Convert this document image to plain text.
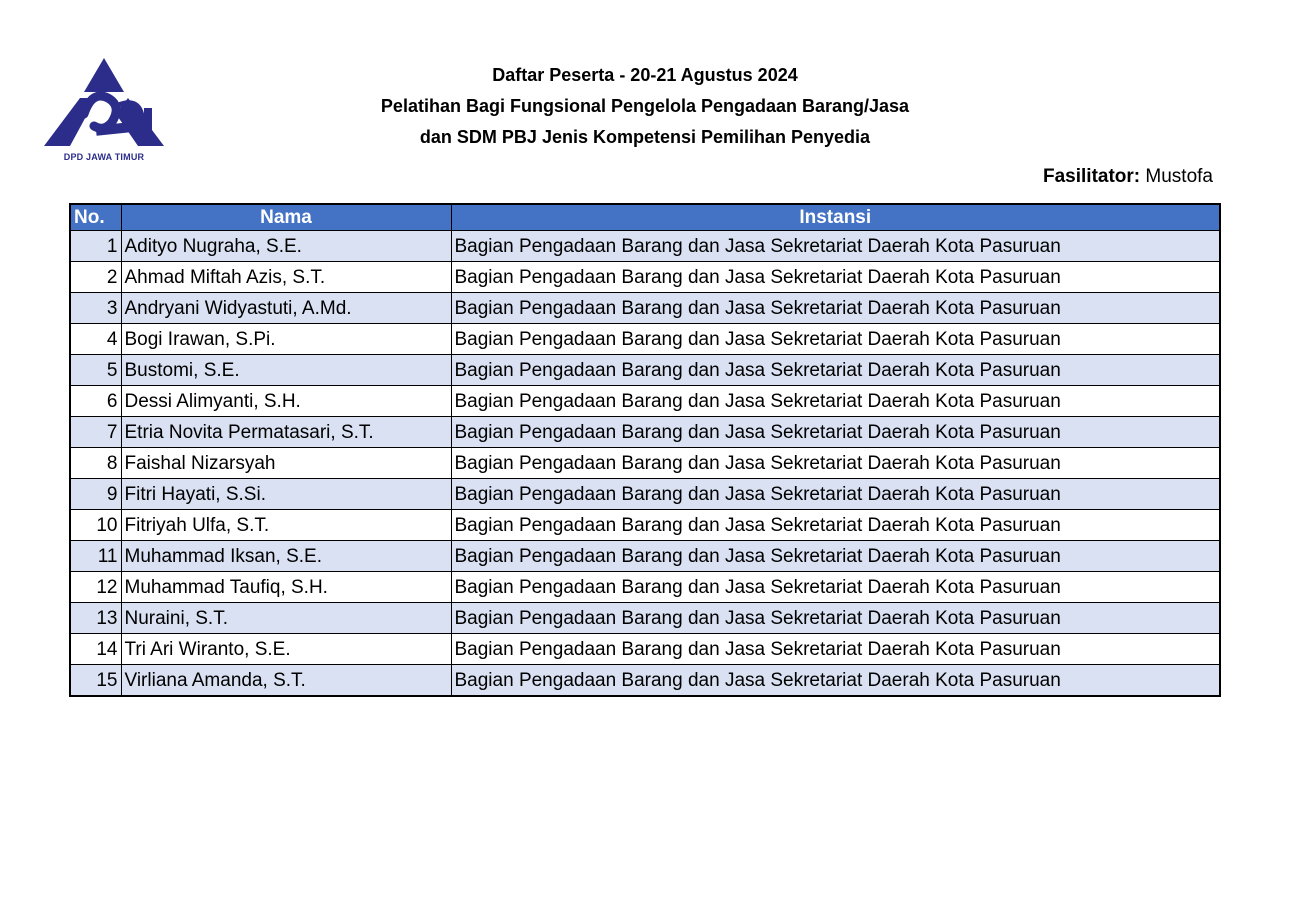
DPD JAWA TIMUR
Daftar Peserta - 20-21 Agustus 2024
Pelatihan Bagi Fungsional Pengelola Pengadaan Barang/Jasa
dan SDM PBJ Jenis Kompetensi Pemilihan Penyedia
Fasilitator: Mustofa
No.	Nama	Instansi
1	Adityo Nugraha, S.E.	Bagian Pengadaan Barang dan Jasa Sekretariat Daerah Kota Pasuruan
2	Ahmad Miftah Azis, S.T.	Bagian Pengadaan Barang dan Jasa Sekretariat Daerah Kota Pasuruan
3	Andryani Widyastuti, A.Md.	Bagian Pengadaan Barang dan Jasa Sekretariat Daerah Kota Pasuruan
4	Bogi Irawan, S.Pi.	Bagian Pengadaan Barang dan Jasa Sekretariat Daerah Kota Pasuruan
5	Bustomi, S.E.	Bagian Pengadaan Barang dan Jasa Sekretariat Daerah Kota Pasuruan
6	Dessi Alimyanti, S.H.	Bagian Pengadaan Barang dan Jasa Sekretariat Daerah Kota Pasuruan
7	Etria Novita Permatasari, S.T.	Bagian Pengadaan Barang dan Jasa Sekretariat Daerah Kota Pasuruan
8	Faishal Nizarsyah	Bagian Pengadaan Barang dan Jasa Sekretariat Daerah Kota Pasuruan
9	Fitri Hayati, S.Si.	Bagian Pengadaan Barang dan Jasa Sekretariat Daerah Kota Pasuruan
10	Fitriyah Ulfa, S.T.	Bagian Pengadaan Barang dan Jasa Sekretariat Daerah Kota Pasuruan
11	Muhammad Iksan, S.E.	Bagian Pengadaan Barang dan Jasa Sekretariat Daerah Kota Pasuruan
12	Muhammad Taufiq, S.H.	Bagian Pengadaan Barang dan Jasa Sekretariat Daerah Kota Pasuruan
13	Nuraini, S.T.	Bagian Pengadaan Barang dan Jasa Sekretariat Daerah Kota Pasuruan
14	Tri Ari Wiranto, S.E.	Bagian Pengadaan Barang dan Jasa Sekretariat Daerah Kota Pasuruan
15	Virliana Amanda, S.T.	Bagian Pengadaan Barang dan Jasa Sekretariat Daerah Kota Pasuruan
